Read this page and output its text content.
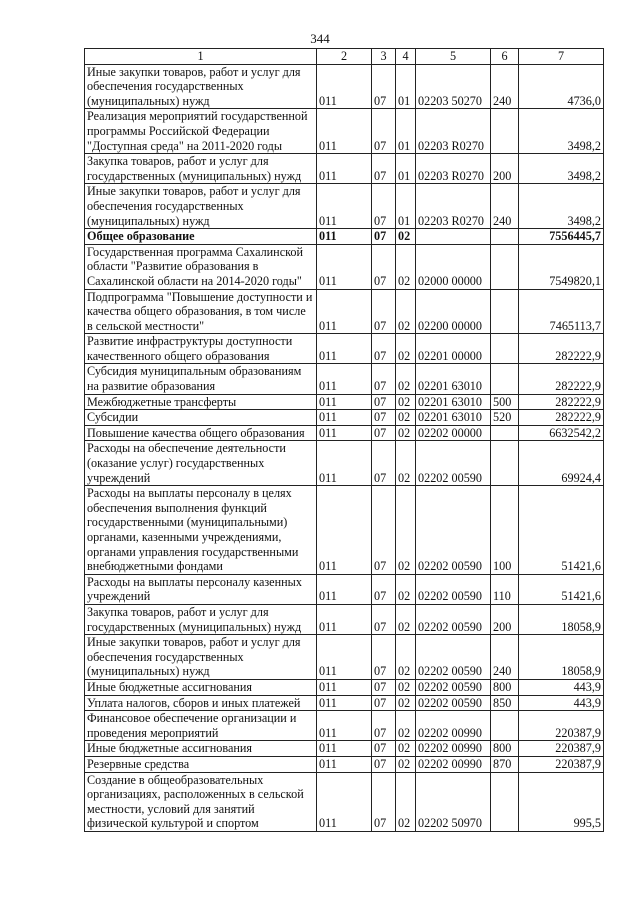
344
1	2	3	4	5	6	7
Иные закупки товаров, работ и услуг для обеспечения государственных (муниципальных) нужд	011	07	01	02203 50270	240	4736,0
Реализация мероприятий государственной программы Российской Федерации "Доступная среда" на 2011-2020 годы	011	07	01	02203 R0270		3498,2
Закупка товаров, работ и услуг для государственных (муниципальных) нужд	011	07	01	02203 R0270	200	3498,2
Иные закупки товаров, работ и услуг для обеспечения государственных (муниципальных) нужд	011	07	01	02203 R0270	240	3498,2
Общее образование	011	07	02			7556445,7
Государственная программа Сахалинской области "Развитие образования в Сахалинской области на 2014-2020 годы"	011	07	02	02000 00000		7549820,1
Подпрограмма "Повышение доступности и качества общего образования, в том числе в сельской местности"	011	07	02	02200 00000		7465113,7
Развитие инфраструктуры доступности качественного общего образования	011	07	02	02201 00000		282222,9
Субсидия муниципальным образованиям на развитие образования	011	07	02	02201 63010		282222,9
Межбюджетные трансферты	011	07	02	02201 63010	500	282222,9
Субсидии	011	07	02	02201 63010	520	282222,9
Повышение качества общего образования	011	07	02	02202 00000		6632542,2
Расходы на обеспечение деятельности (оказание услуг) государственных учреждений	011	07	02	02202 00590		69924,4
Расходы на выплаты персоналу в целях обеспечения выполнения функций государственными (муниципальными) органами, казенными учреждениями, органами управления государственными внебюджетными фондами	011	07	02	02202 00590	100	51421,6
Расходы на выплаты персоналу казенных учреждений	011	07	02	02202 00590	110	51421,6
Закупка товаров, работ и услуг для государственных (муниципальных) нужд	011	07	02	02202 00590	200	18058,9
Иные закупки товаров, работ и услуг для обеспечения государственных (муниципальных) нужд	011	07	02	02202 00590	240	18058,9
Иные бюджетные ассигнования	011	07	02	02202 00590	800	443,9
Уплата налогов, сборов и иных платежей	011	07	02	02202 00590	850	443,9
Финансовое обеспечение организации и проведения мероприятий	011	07	02	02202 00990		220387,9
Иные бюджетные ассигнования	011	07	02	02202 00990	800	220387,9
Резервные средства	011	07	02	02202 00990	870	220387,9
Создание в общеобразовательных организациях, расположенных в сельской местности, условий для занятий физической культурой и спортом	011	07	02	02202 50970		995,5
